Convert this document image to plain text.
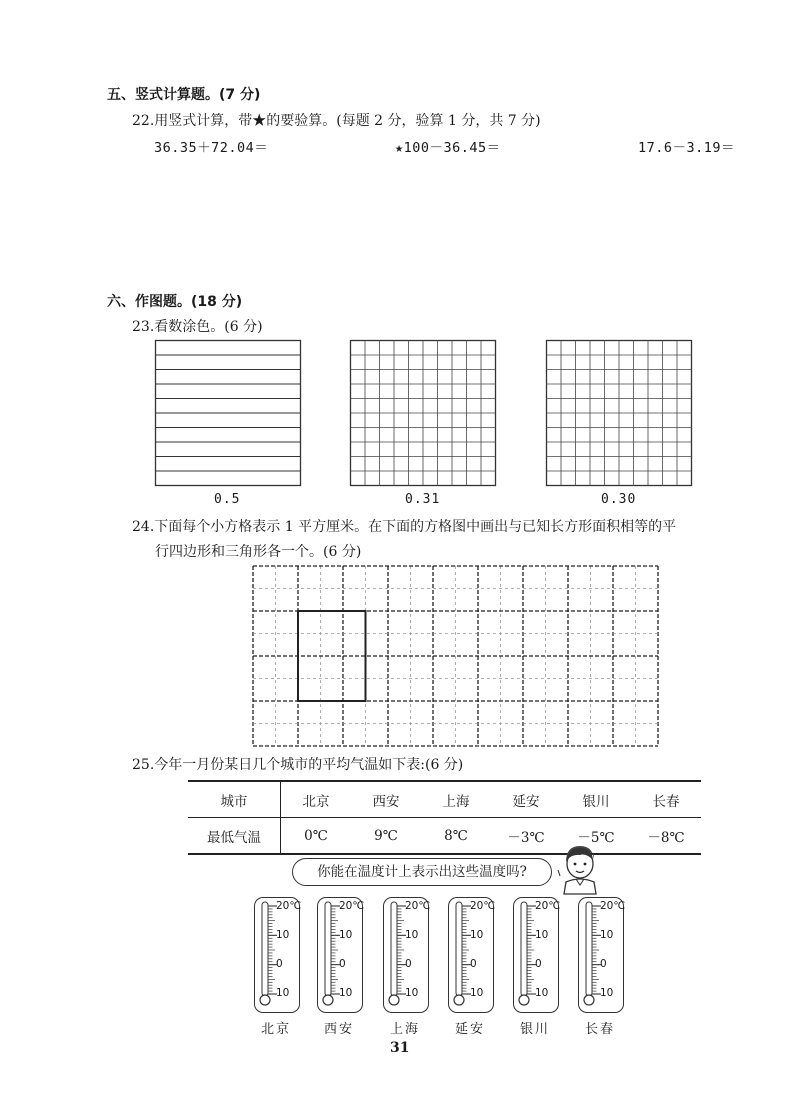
五、竖式计算题。(7 分)
22.用竖式计算，带★的要验算。(每题 2 分，验算 1 分，共 7 分)
36.35＋72.04＝	★100－36.45＝	17.6－3.19＝
六、作图题。(18 分)
23.看数涂色。(6 分)
0.5	0.31	0.30
24.下面每个小方格表示 1 平方厘米。在下面的方格图中画出与已知长方形面积相等的平
行四边形和三角形各一个。(6 分)
25.今年一月份某日几个城市的平均气温如下表:(6 分)
城市	北京	西安	上海	延安	银川	长春
最低气温	0℃	9℃	8℃	－3℃	－5℃	－8℃
你能在温度计上表示出这些温度吗?
20℃
10
0
10
20℃
10
0
10
20℃
10
0
10
20℃
10
0
10
20℃
10
0
10
20℃
10
0
10
北京	西安	上海	延安	银川	长春
31
